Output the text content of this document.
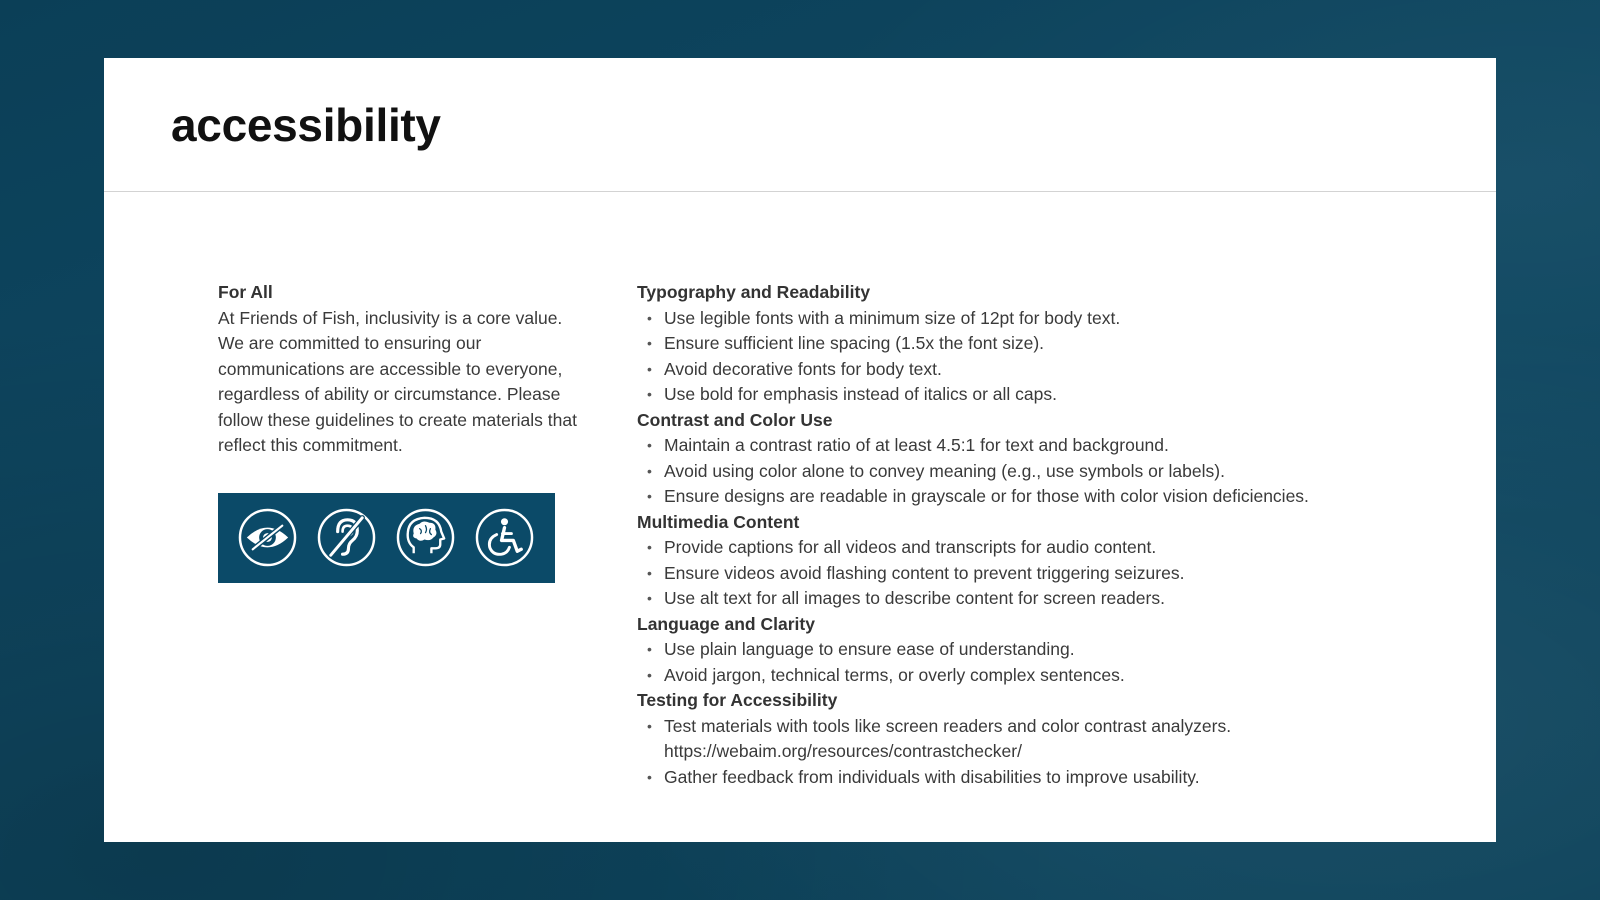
accessibility
For All
At Friends of Fish, inclusivity is a core value. We are committed to ensuring our communications are accessible to everyone, regardless of ability or circumstance. Please follow these guidelines to create materials that reflect this commitment.
Typography and Readability
• Use legible fonts with a minimum size of 12pt for body text.
• Ensure sufficient line spacing (1.5x the font size).
• Avoid decorative fonts for body text.
• Use bold for emphasis instead of italics or all caps.
Contrast and Color Use
• Maintain a contrast ratio of at least 4.5:1 for text and background.
• Avoid using color alone to convey meaning (e.g., use symbols or labels).
• Ensure designs are readable in grayscale or for those with color vision deficiencies.
Multimedia Content
• Provide captions for all videos and transcripts for audio content.
• Ensure videos avoid flashing content to prevent triggering seizures.
• Use alt text for all images to describe content for screen readers.
Language and Clarity
• Use plain language to ensure ease of understanding.
• Avoid jargon, technical terms, or overly complex sentences.
Testing for Accessibility
• Test materials with tools like screen readers and color contrast analyzers.
https://webaim.org/resources/contrastchecker/
• Gather feedback from individuals with disabilities to improve usability.
